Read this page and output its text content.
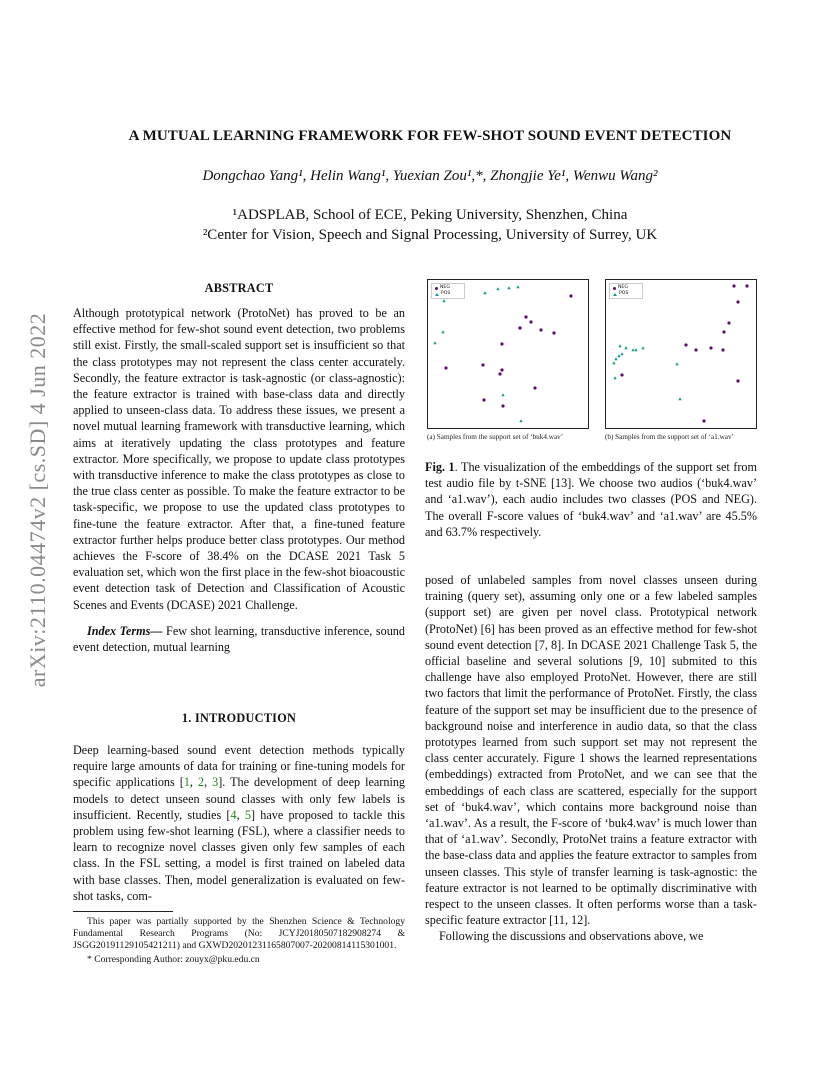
arXiv:2110.04474v2 [cs.SD] 4 Jun 2022
A MUTUAL LEARNING FRAMEWORK FOR FEW-SHOT SOUND EVENT DETECTION
Dongchao Yang¹, Helin Wang¹, Yuexian Zou¹,*, Zhongjie Ye¹, Wenwu Wang²
¹ADSPLAB, School of ECE, Peking University, Shenzhen, China
²Center for Vision, Speech and Signal Processing, University of Surrey, UK
ABSTRACT

Although prototypical network (ProtoNet) has proved to be an effective method for few-shot sound event detection, two problems still exist. Firstly, the small-scaled support set is insufficient so that the class prototypes may not represent the class center accurately. Secondly, the feature extractor is task-agnostic (or class-agnostic): the feature extractor is trained with base-class data and directly applied to unseen-class data. To address these issues, we present a novel mutual learning framework with transductive learning, which aims at iteratively updating the class prototypes and feature extractor. More specifically, we propose to update class prototypes with transductive inference to make the class prototypes as close to the true class center as possible. To make the feature extractor to be task-specific, we propose to use the updated class prototypes to fine-tune the feature extractor. After that, a fine-tuned feature extractor further helps produce better class prototypes. Our method achieves the F-score of 38.4% on the DCASE 2021 Task 5 evaluation set, which won the first place in the few-shot bioacoustic event detection task of Detection and Classification of Acoustic Scenes and Events (DCASE) 2021 Challenge.

Index Terms— Few shot learning, transductive inference, sound event detection, mutual learning

1. INTRODUCTION

Deep learning-based sound event detection methods typically require large amounts of data for training or fine-tuning models for specific applications [1, 2, 3]. The development of deep learning models to detect unseen sound classes with only few labels is insufficient. Recently, studies [4, 5] have proposed to tackle this problem using few-shot learning (FSL), where a classifier needs to learn to recognize novel classes given only few samples of each class. In the FSL setting, a model is first trained on labeled data with base classes. Then, model generalization is evaluated on few-shot tasks, com-

This paper was partially supported by the Shenzhen Science & Technology Fundamental Research Programs (No: JCYJ20180507182908274 & JSGG20191129105421211) and GXWD20201231165807007-20200814115301001.

* Corresponding Author: zouyx@pku.edu.cn

NEG
POS
(a) Samples from the support set of ‘buk4.wav’
NEG
POS
(b) Samples from the support set of ‘a1.wav’
Fig. 1. The visualization of the embeddings of the support set from test audio file by t-SNE [13]. We choose two audios (‘buk4.wav’ and ‘a1.wav’), each audio includes two classes (POS and NEG). The overall F-score values of ‘buk4.wav’ and ‘a1.wav’ are 45.5% and 63.7% respectively.

posed of unlabeled samples from novel classes unseen during training (query set), assuming only one or a few labeled samples (support set) are given per novel class. Prototypical network (ProtoNet) [6] has been proved as an effective method for few-shot sound event detection [7, 8]. In DCASE 2021 Challenge Task 5, the official baseline and several solutions [9, 10] submited to this challenge have also employed ProtoNet. However, there are still two factors that limit the performance of ProtoNet. Firstly, the class feature of the support set may be insufficient due to the presence of background noise and interference in audio data, so that the class prototypes learned from such support set may not represent the class center accurately. Figure 1 shows the learned representations (embeddings) extracted from ProtoNet, and we can see that the embeddings of each class are scattered, especially for the support set of ‘buk4.wav’, which contains more background noise than ‘a1.wav’. As a result, the F-score of ‘buk4.wav’ is much lower than that of ‘a1.wav’. Secondly, ProtoNet trains a feature extractor with the base-class data and applies the feature extractor to samples from unseen classes. This style of transfer learning is task-agnostic: the feature extractor is not learned to be optimally discriminative with respect to the unseen classes. It often performs worse than a task-specific feature extractor [11, 12].

Following the discussions and observations above, we
